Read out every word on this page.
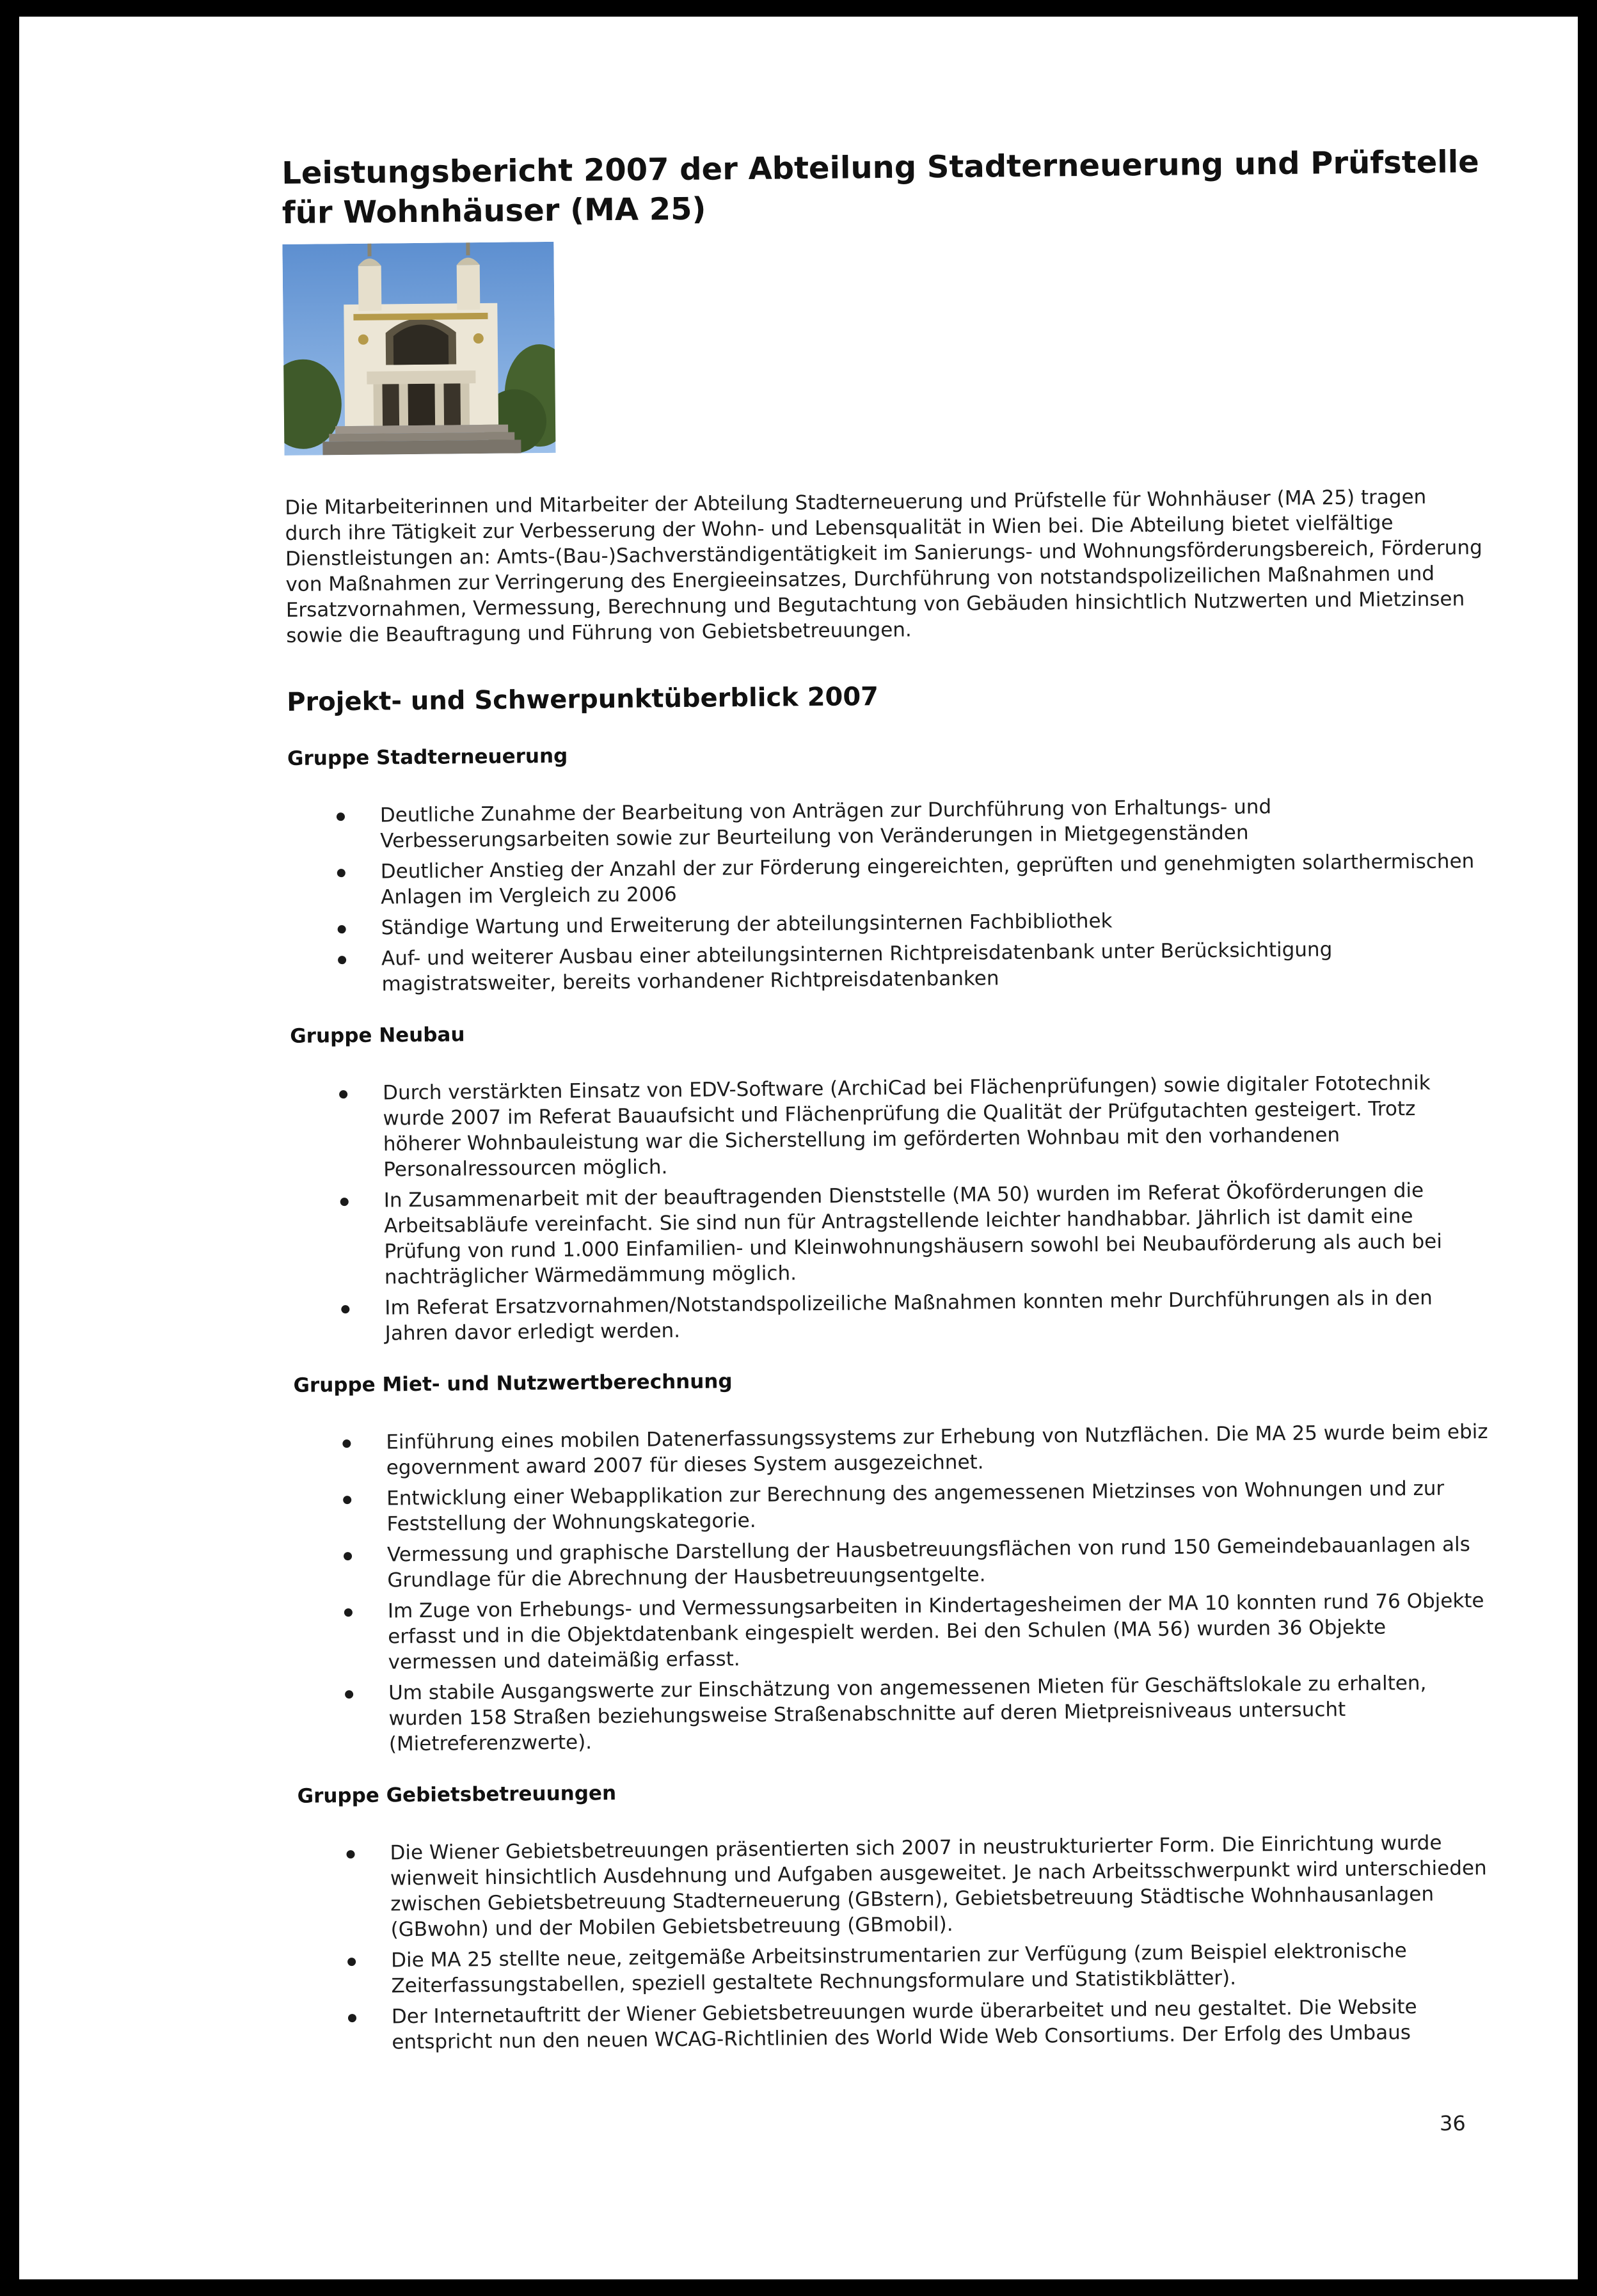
Leistungsbericht 2007 der Abteilung Stadterneuerung und Prüfstelle für Wohnhäuser (MA 25)

Die Mitarbeiterinnen und Mitarbeiter der Abteilung Stadterneuerung und Prüfstelle für Wohnhäuser (MA 25) tragen durch ihre Tätigkeit zur Verbesserung der Wohn- und Lebensqualität in Wien bei. Die Abteilung bietet vielfältige Dienstleistungen an: Amts-(Bau-)Sachverständigentätigkeit im Sanierungs- und Wohnungsförderungsbereich, Förderung von Maßnahmen zur Verringerung des Energieeinsatzes, Durchführung von notstandspolizeilichen Maßnahmen und Ersatzvornahmen, Vermessung, Berechnung und Begutachtung von Gebäuden hinsichtlich Nutzwerten und Mietzinsen sowie die Beauftragung und Führung von Gebietsbetreuungen.

Projekt- und Schwerpunktüberblick 2007
Gruppe Stadterneuerung
Deutliche Zunahme der Bearbeitung von Anträgen zur Durchführung von Erhaltungs- und Verbesserungsarbeiten sowie zur Beurteilung von Veränderungen in Mietgegenständen
Deutlicher Anstieg der Anzahl der zur Förderung eingereichten, geprüften und genehmigten solarthermischen Anlagen im Vergleich zu 2006
Ständige Wartung und Erweiterung der abteilungsinternen Fachbibliothek
Auf- und weiterer Ausbau einer abteilungsinternen Richtpreisdatenbank unter Berücksichtigung magistratsweiter, bereits vorhandener Richtpreisdatenbanken
Gruppe Neubau
Durch verstärkten Einsatz von EDV-Software (ArchiCad bei Flächenprüfungen) sowie digitaler Fototechnik wurde 2007 im Referat Bauaufsicht und Flächenprüfung die Qualität der Prüfgutachten gesteigert. Trotz höherer Wohnbauleistung war die Sicherstellung im geförderten Wohnbau mit den vorhandenen Personalressourcen möglich.
In Zusammenarbeit mit der beauftragenden Dienststelle (MA 50) wurden im Referat Ökoförderungen die Arbeitsabläufe vereinfacht. Sie sind nun für Antragstellende leichter handhabbar. Jährlich ist damit eine Prüfung von rund 1.000 Einfamilien- und Kleinwohnungshäusern sowohl bei Neubauförderung als auch bei nachträglicher Wärmedämmung möglich.
Im Referat Ersatzvornahmen/Notstandspolizeiliche Maßnahmen konnten mehr Durchführungen als in den Jahren davor erledigt werden.
Gruppe Miet- und Nutzwertberechnung
Einführung eines mobilen Datenerfassungssystems zur Erhebung von Nutzflächen. Die MA 25 wurde beim ebiz egovernment award 2007 für dieses System ausgezeichnet.
Entwicklung einer Webapplikation zur Berechnung des angemessenen Mietzinses von Wohnungen und zur Feststellung der Wohnungskategorie.
Vermessung und graphische Darstellung der Hausbetreuungsflächen von rund 150 Gemeindebauanlagen als Grundlage für die Abrechnung der Hausbetreuungsentgelte.
Im Zuge von Erhebungs- und Vermessungsarbeiten in Kindertagesheimen der MA 10 konnten rund 76 Objekte erfasst und in die Objektdatenbank eingespielt werden. Bei den Schulen (MA 56) wurden 36 Objekte vermessen und dateimäßig erfasst.
Um stabile Ausgangswerte zur Einschätzung von angemessenen Mieten für Geschäftslokale zu erhalten, wurden 158 Straßen beziehungsweise Straßenabschnitte auf deren Mietpreisniveaus untersucht (Mietreferenzwerte).
Gruppe Gebietsbetreuungen
Die Wiener Gebietsbetreuungen präsentierten sich 2007 in neustrukturierter Form. Die Einrichtung wurde wienweit hinsichtlich Ausdehnung und Aufgaben ausgeweitet. Je nach Arbeitsschwerpunkt wird unterschieden zwischen Gebietsbetreuung Stadterneuerung (GBstern), Gebietsbetreuung Städtische Wohnhausanlagen (GBwohn) und der Mobilen Gebietsbetreuung (GBmobil).
Die MA 25 stellte neue, zeitgemäße Arbeitsinstrumentarien zur Verfügung (zum Beispiel elektronische Zeiterfassungstabellen, speziell gestaltete Rechnungsformulare und Statistikblätter).
Der Internetauftritt der Wiener Gebietsbetreuungen wurde überarbeitet und neu gestaltet. Die Website entspricht nun den neuen WCAG-Richtlinien des World Wide Web Consortiums. Der Erfolg des Umbaus
36
